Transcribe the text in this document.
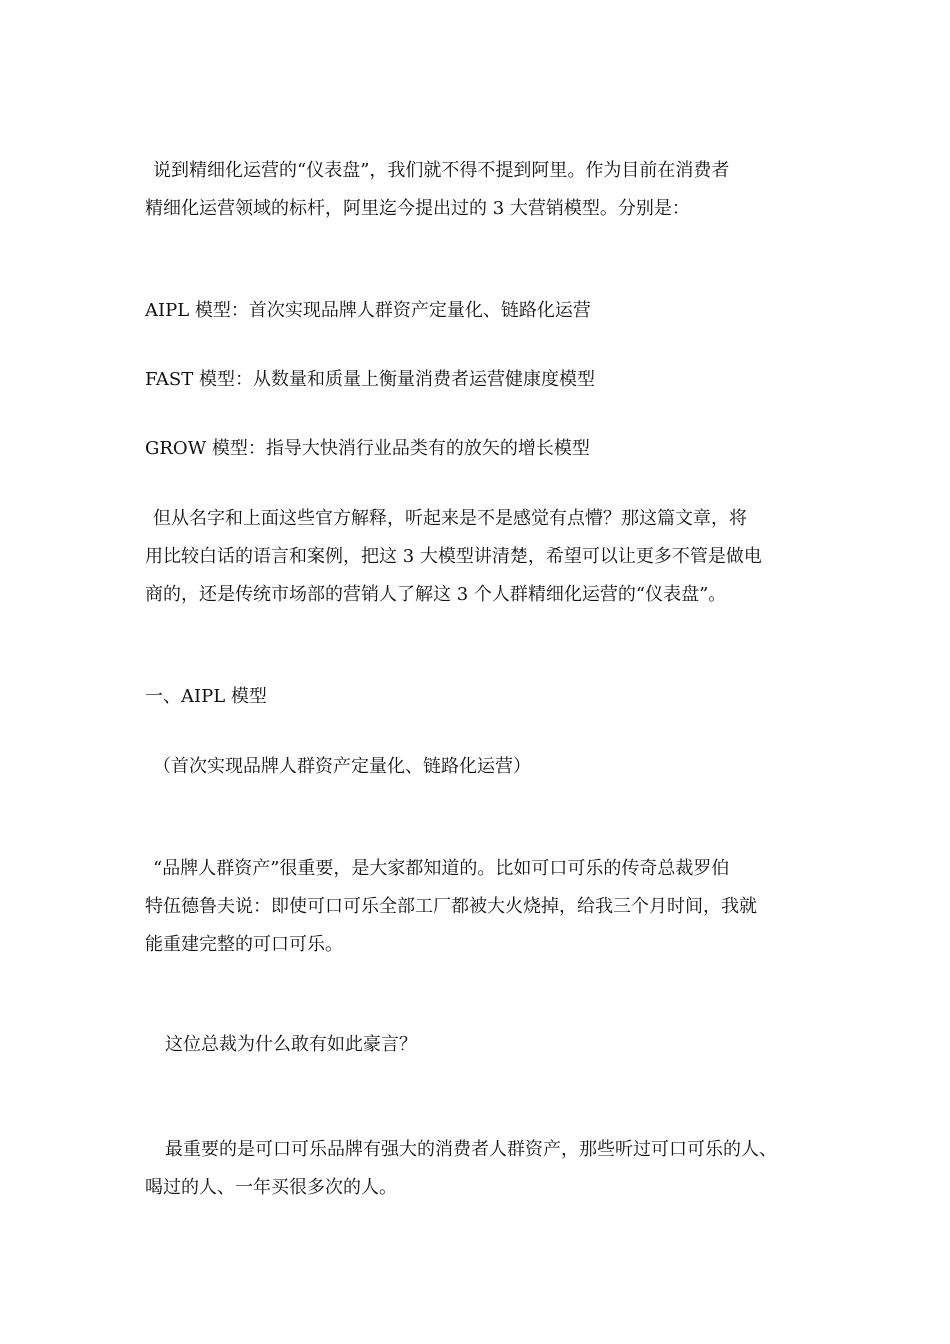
说到精细化运营的“仪表盘”，我们就不得不提到阿里。作为目前在消费者
精细化运营领域的标杆，阿里迄今提出过的 3 大营销模型。分别是：
AIPL 模型：首次实现品牌人群资产定量化、链路化运营
FAST 模型：从数量和质量上衡量消费者运营健康度模型
GROW 模型：指导大快消行业品类有的放矢的增长模型
但从名字和上面这些官方解释，听起来是不是感觉有点懵？那这篇文章，将
用比较白话的语言和案例，把这 3 大模型讲清楚，希望可以让更多不管是做电
商的，还是传统市场部的营销人了解这 3 个人群精细化运营的“仪表盘”。
一、AIPL 模型
（首次实现品牌人群资产定量化、链路化运营）
“品牌人群资产”很重要，是大家都知道的。比如可口可乐的传奇总裁罗伯
特伍德鲁夫说：即使可口可乐全部工厂都被大火烧掉，给我三个月时间，我就
能重建完整的可口可乐。
这位总裁为什么敢有如此豪言？
最重要的是可口可乐品牌有强大的消费者人群资产，那些听过可口可乐的人、
喝过的人、一年买很多次的人。
